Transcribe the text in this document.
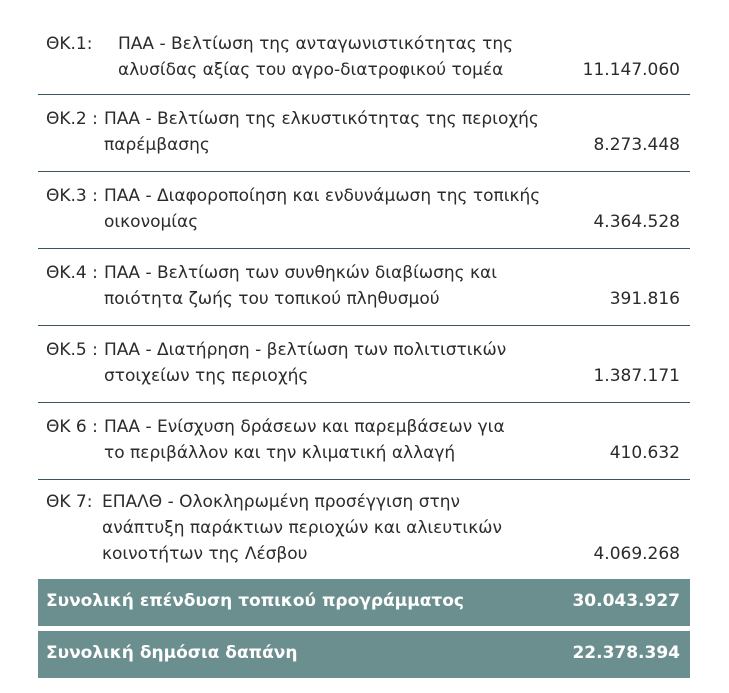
ΘΚ.1: ΠΑΑ - Βελτίωση της ανταγωνιστικότητας της
αλυσίδας αξίας του αγρο-διατροφικού τομέα	11.147.060
ΘΚ.2 : ΠΑΑ - Βελτίωση της ελκυστικότητας της περιοχής
παρέμβασης	8.273.448
ΘΚ.3 : ΠΑΑ - Διαφοροποίηση και ενδυνάμωση της τοπικής
οικονομίας	4.364.528
ΘΚ.4 : ΠΑΑ - Βελτίωση των συνθηκών διαβίωσης και
ποιότητα ζωής του τοπικού πληθυσμού	391.816
ΘΚ.5 : ΠΑΑ - Διατήρηση - βελτίωση των πολιτιστικών
στοιχείων της περιοχής	1.387.171
ΘΚ 6 : ΠΑΑ - Ενίσχυση δράσεων και παρεμβάσεων για
το περιβάλλον και την κλιματική αλλαγή	410.632
ΘΚ 7: ΕΠΑΛΘ - Ολοκληρωμένη προσέγγιση στην
ανάπτυξη παράκτιων περιοχών και αλιευτικών
κοινοτήτων της Λέσβου	4.069.268
Συνολική επένδυση τοπικού προγράμματος	30.043.927
Συνολική δημόσια δαπάνη	22.378.394
